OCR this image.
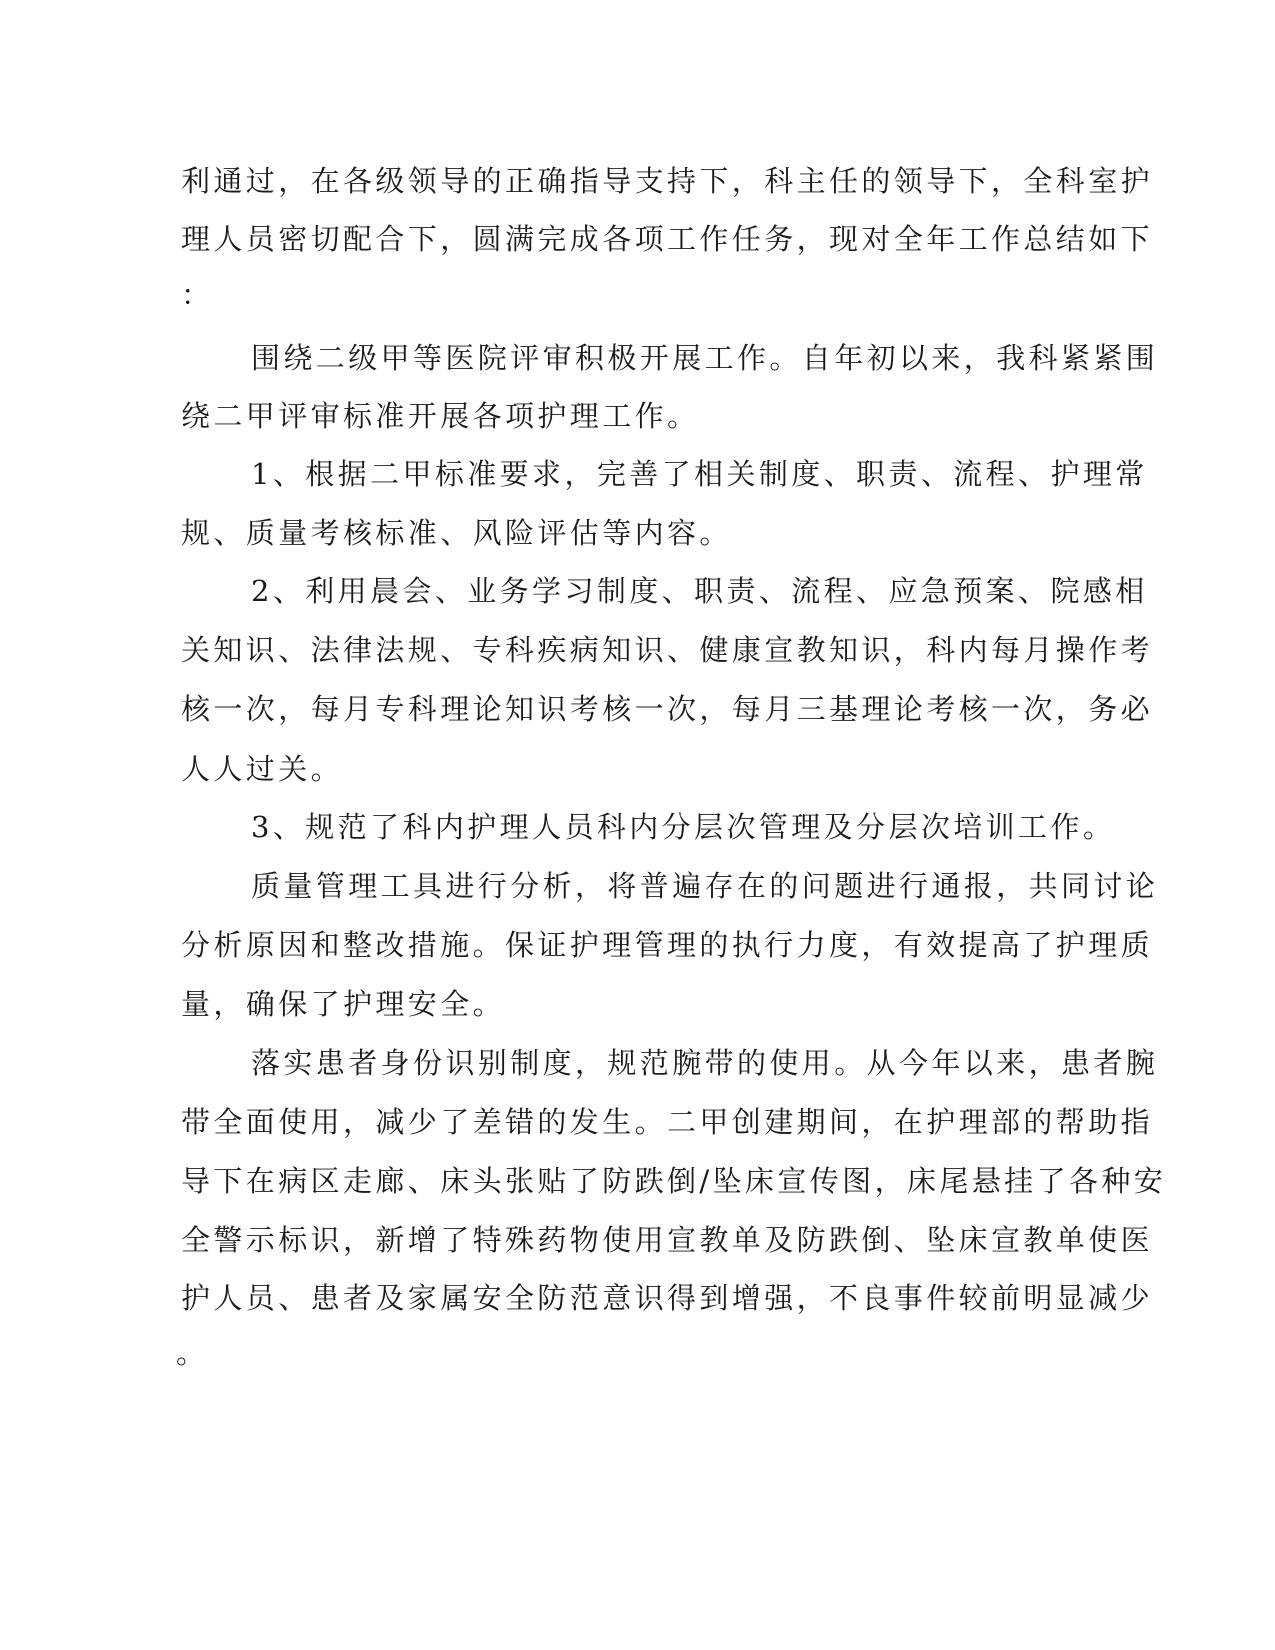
利通过，在各级领导的正确指导支持下，科主任的领导下，全科室护
理人员密切配合下，圆满完成各项工作任务，现对全年工作总结如下
：
围绕二级甲等医院评审积极开展工作。自年初以来，我科紧紧围
绕二甲评审标准开展各项护理工作。
1、根据二甲标准要求，完善了相关制度、职责、流程、护理常
规、质量考核标准、风险评估等内容。
2、利用晨会、业务学习制度、职责、流程、应急预案、院感相
关知识、法律法规、专科疾病知识、健康宣教知识，科内每月操作考
核一次，每月专科理论知识考核一次，每月三基理论考核一次，务必
人人过关。
3、规范了科内护理人员科内分层次管理及分层次培训工作。
质量管理工具进行分析，将普遍存在的问题进行通报，共同讨论
分析原因和整改措施。保证护理管理的执行力度，有效提高了护理质
量，确保了护理安全。
落实患者身份识别制度，规范腕带的使用。从今年以来，患者腕
带全面使用，减少了差错的发生。二甲创建期间，在护理部的帮助指
导下在病区走廊、床头张贴了防跌倒/坠床宣传图，床尾悬挂了各种安
全警示标识，新增了特殊药物使用宣教单及防跌倒、坠床宣教单使医
护人员、患者及家属安全防范意识得到增强，不良事件较前明显减少
。
